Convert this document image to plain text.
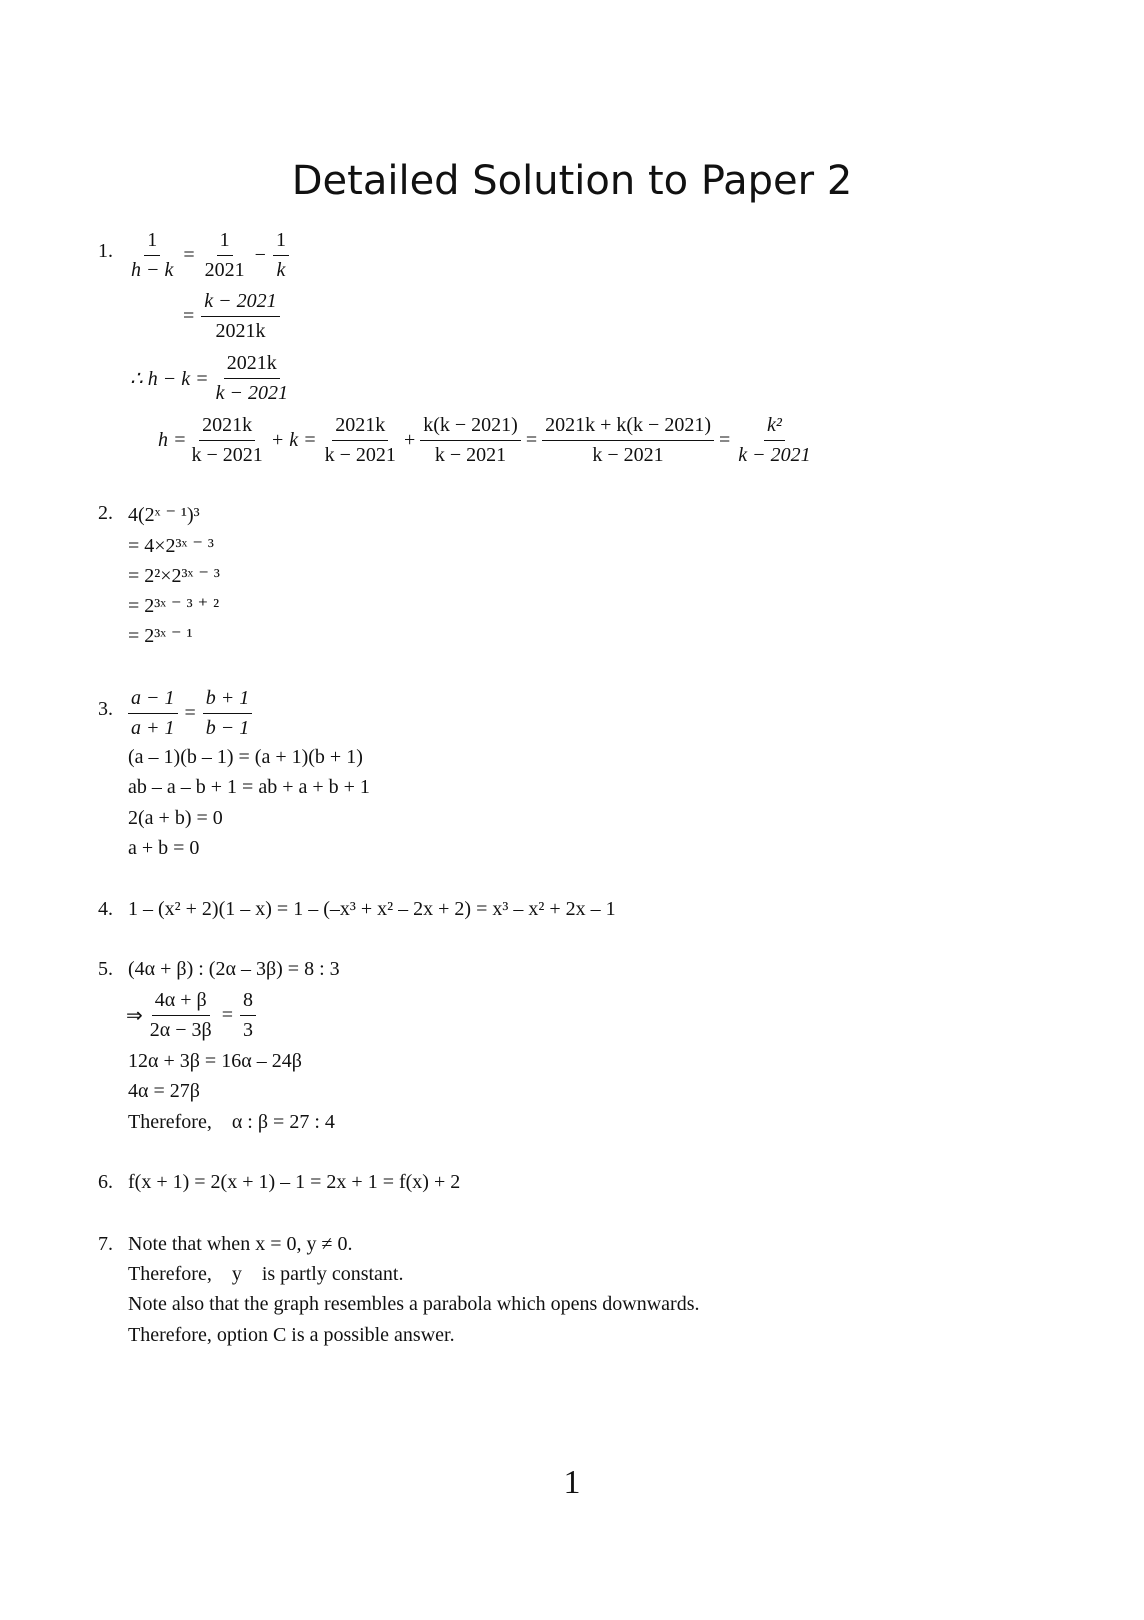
Detailed Solution to Paper 2
1. $\frac{1}{h - k} = \frac{1}{2021} - \frac{1}{k}$
= $\frac{k - 2021}{2021k}$
∴ $h - k = \frac{2021k}{k - 2021}$
$h = \frac{2021k}{k - 2021} + k = \frac{2021k}{k - 2021} + \frac{k(k - 2021)}{k - 2021} = \frac{2021k + k(k - 2021)}{k - 2021} = \frac{\text{k²}}{k - 2021}$
2. 4(2ˣ ⁻ ¹)³
= 4×2³ˣ ⁻ ³
= 2²×2³ˣ ⁻ ³
= 2³ˣ ⁻ ³ ⁺ ²
= 2³ˣ ⁻ ¹
3. $\frac{a - 1}{a + 1} = \frac{b + 1}{b - 1}$
(a – 1)(b – 1) = (a + 1)(b + 1)
ab – a – b + 1 = ab + a + b + 1
2(a + b) = 0
a + b = 0
4. 1 – (x² + 2)(1 – x) = 1 – (–x³ + x² – 2x + 2) = x³ – x² + 2x – 1
5. (4α + β) : (2α – 3β) = 8 : 3
⇒ $\frac{4\alpha + \beta}{2\alpha - 3\beta} = \frac{8}{3}$
12α + 3β = 16α – 24β
4α = 27β
Therefore,    α : β = 27 : 4
6. f(x + 1) = 2(x + 1) – 1 = 2x + 1 = f(x) + 2
7. Note that when x = 0, y ≠ 0.
Therefore,    y    is partly constant.
Note also that the graph resembles a parabola which opens downwards.
Therefore, option C is a possible answer.
1
